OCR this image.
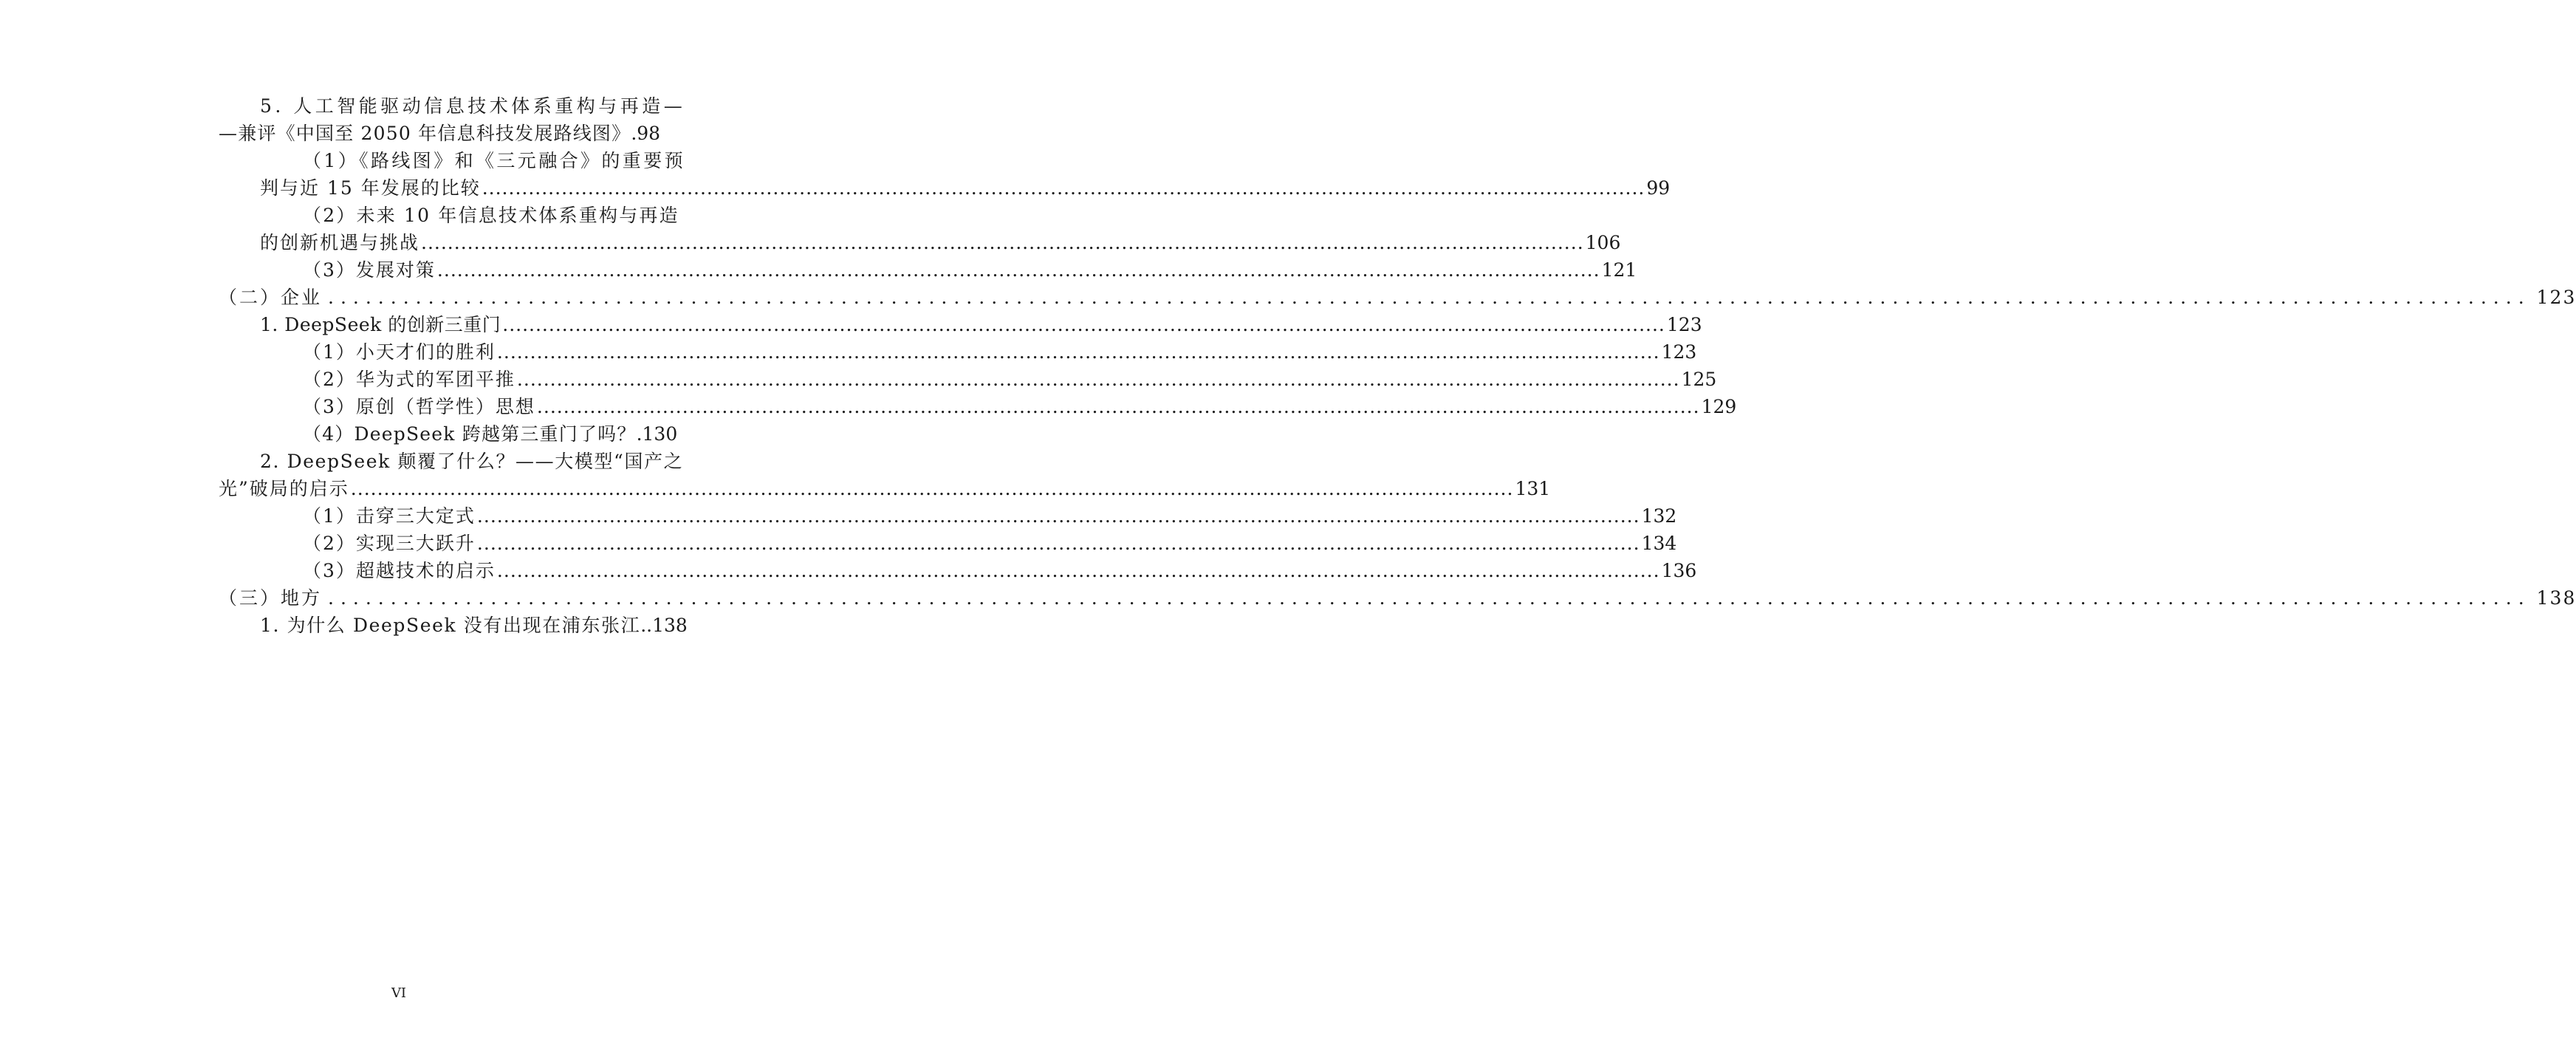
5. 人工智能驱动信息技术体系重构与再造—
—兼评《中国至 2050 年信息科技发展路线图》 .98
（1）《路线图》和《三元融合》的重要预
判与近 15 年发展的比较 .....	99
（2）未来 10 年信息技术体系重构与再造
的创新机遇与挑战 .....	106
（3）发展对策 .....	121
（二）企业 .....	123
1. DeepSeek 的创新三重门 .....	123
（1）小天才们的胜利 .....	123
（2）华为式的军团平推 .....	125
（3）原创（哲学性）思想 .....	129
（4）DeepSeek 跨越第三重门了吗？ .130
2. DeepSeek 颠覆了什么？——大模型“国产之
光”破局的启示 .....	131
（1）击穿三大定式 .....	132
（2）实现三大跃升 .....	134
（3）超越技术的启示 .....	136
（三）地方 .....	138
1. 为什么 DeepSeek 没有出现在浦东张江 ..138
VI
